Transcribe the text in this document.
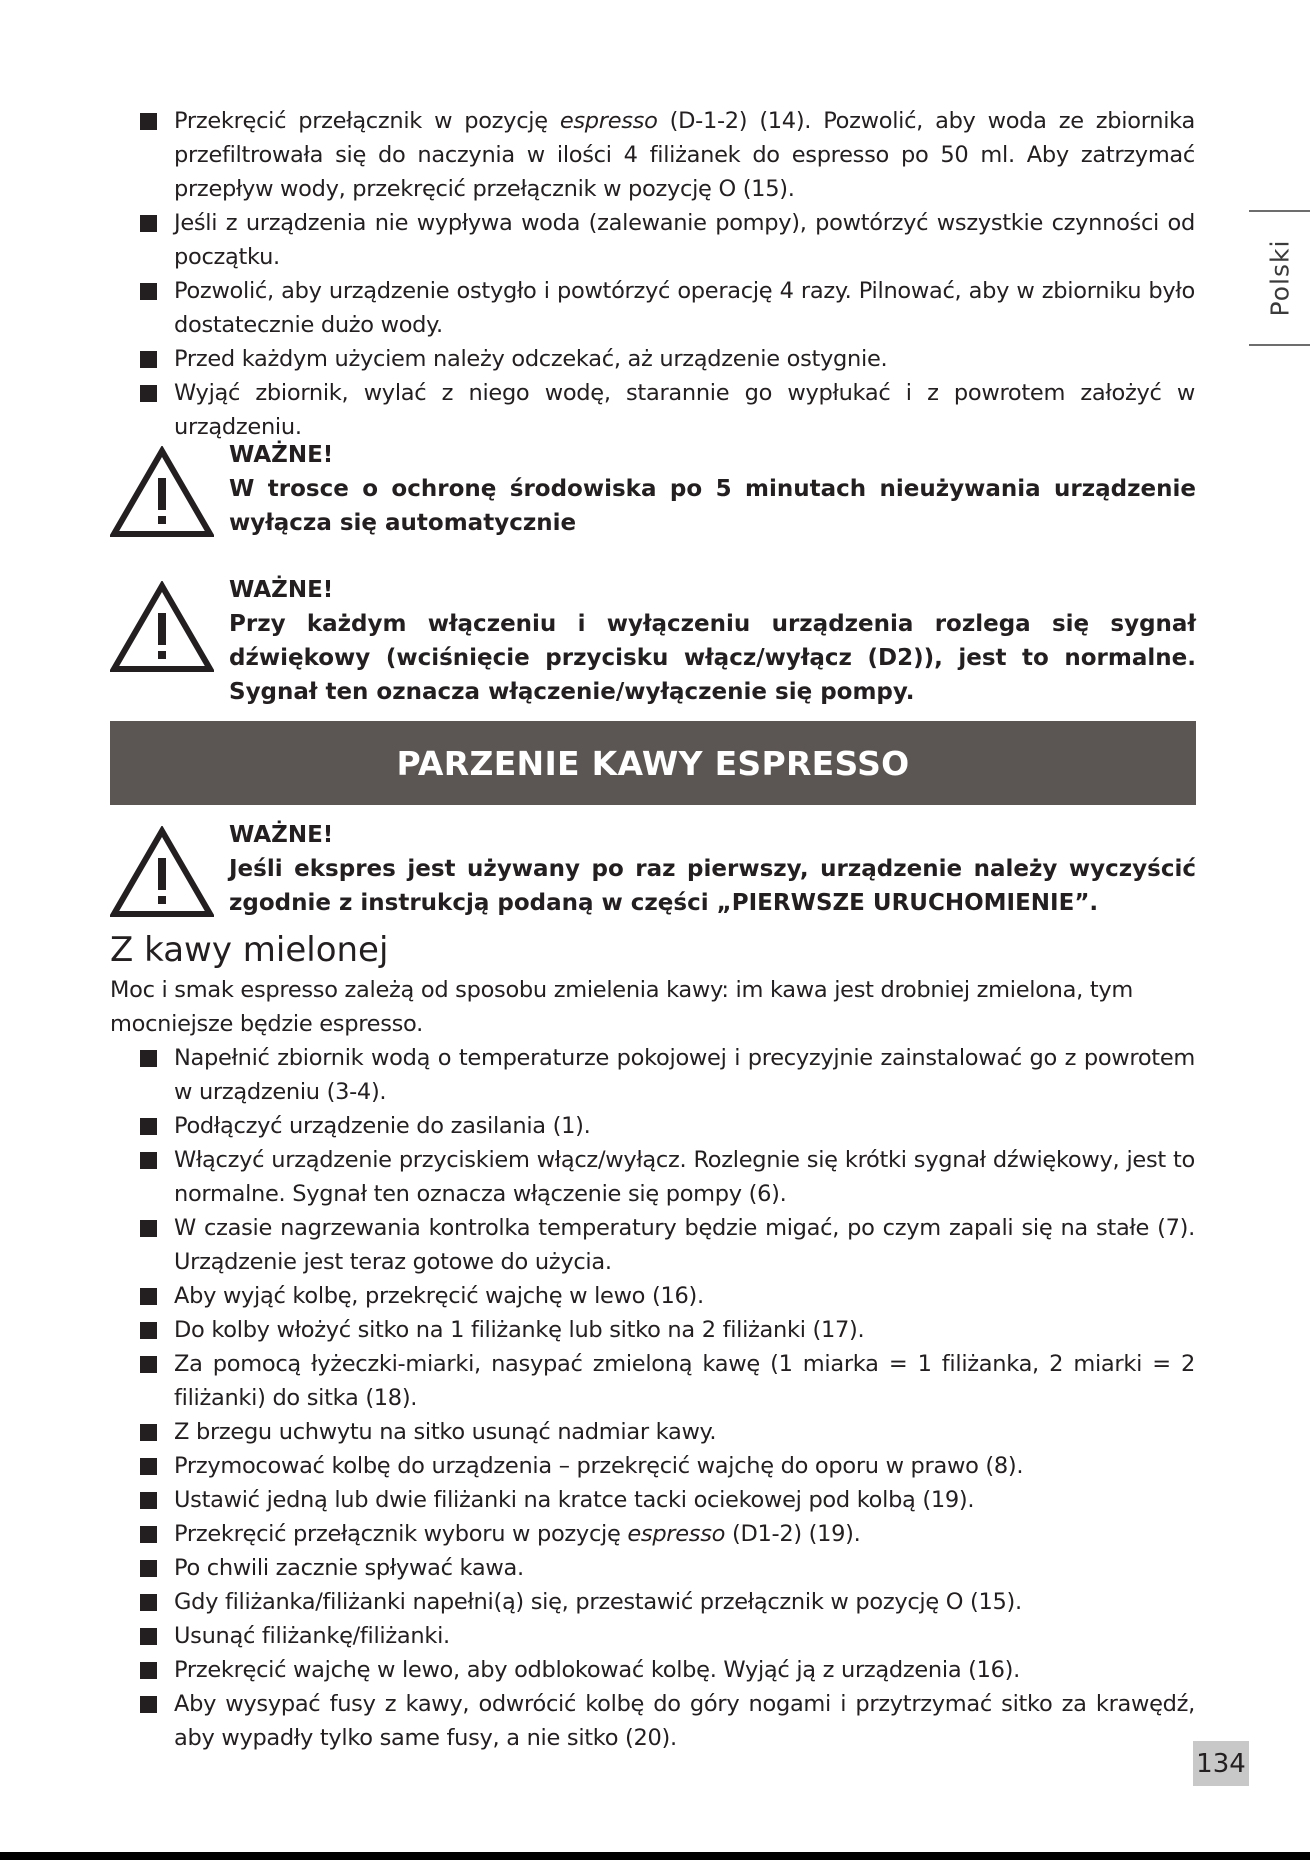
Polski
Przekręcić przełącznik w pozycję espresso (D-1-2) (14). Pozwolić, aby woda ze zbiornika przefiltrowała się do naczynia w ilości 4 filiżanek do espresso po 50 ml. Aby zatrzymać przepływ wody, przekręcić przełącznik w pozycję O (15).
Jeśli z urządzenia nie wypływa woda (zalewanie pompy), powtórzyć wszystkie czynności od początku.
Pozwolić, aby urządzenie ostygło i powtórzyć operację 4 razy. Pilnować, aby w zbiorniku było dostatecznie dużo wody.
Przed każdym użyciem należy odczekać, aż urządzenie ostygnie.
Wyjąć zbiornik, wylać z niego wodę, starannie go wypłukać i z powrotem założyć w urządzeniu.
WAŻNE!
W trosce o ochronę środowiska po 5 minutach nieużywania urządzenie wyłącza się automatycznie
WAŻNE!
Przy każdym włączeniu i wyłączeniu urządzenia rozlega się sygnał dźwiękowy (wciśnięcie przycisku włącz/wyłącz (D2)), jest to normalne. Sygnał ten oznacza włączenie/wyłączenie się pompy.
PARZENIE KAWY ESPRESSO
WAŻNE!
Jeśli ekspres jest używany po raz pierwszy, urządzenie należy wyczyścić zgodnie z instrukcją podaną w części „PIERWSZE URUCHOMIENIE”.
Z kawy mielonej

Moc i smak espresso zależą od sposobu zmielenia kawy: im kawa jest drobniej zmielona, tym mocniejsze będzie espresso.

Napełnić zbiornik wodą o temperaturze pokojowej i precyzyjnie zainstalować go z powrotem w urządzeniu (3-4).
Podłączyć urządzenie do zasilania (1).
Włączyć urządzenie przyciskiem włącz/wyłącz. Rozlegnie się krótki sygnał dźwiękowy, jest to normalne. Sygnał ten oznacza włączenie się pompy (6).
W czasie nagrzewania kontrolka temperatury będzie migać, po czym zapali się na stałe (7). Urządzenie jest teraz gotowe do użycia.
Aby wyjąć kolbę, przekręcić wajchę w lewo (16).
Do kolby włożyć sitko na 1 filiżankę lub sitko na 2 filiżanki (17).
Za pomocą łyżeczki-miarki, nasypać zmieloną kawę (1 miarka = 1 filiżanka, 2 miarki = 2 filiżanki) do sitka (18).
Z brzegu uchwytu na sitko usunąć nadmiar kawy.
Przymocować kolbę do urządzenia – przekręcić wajchę do oporu w prawo (8).
Ustawić jedną lub dwie filiżanki na kratce tacki ociekowej pod kolbą (19).
Przekręcić przełącznik wyboru w pozycję espresso (D1-2) (19).
Po chwili zacznie spływać kawa.
Gdy filiżanka/filiżanki napełni(ą) się, przestawić przełącznik w pozycję O (15).
Usunąć filiżankę/filiżanki.
Przekręcić wajchę w lewo, aby odblokować kolbę. Wyjąć ją z urządzenia (16).
Aby wysypać fusy z kawy, odwrócić kolbę do góry nogami i przytrzymać sitko za krawędź, aby wypadły tylko same fusy, a nie sitko (20).
134
